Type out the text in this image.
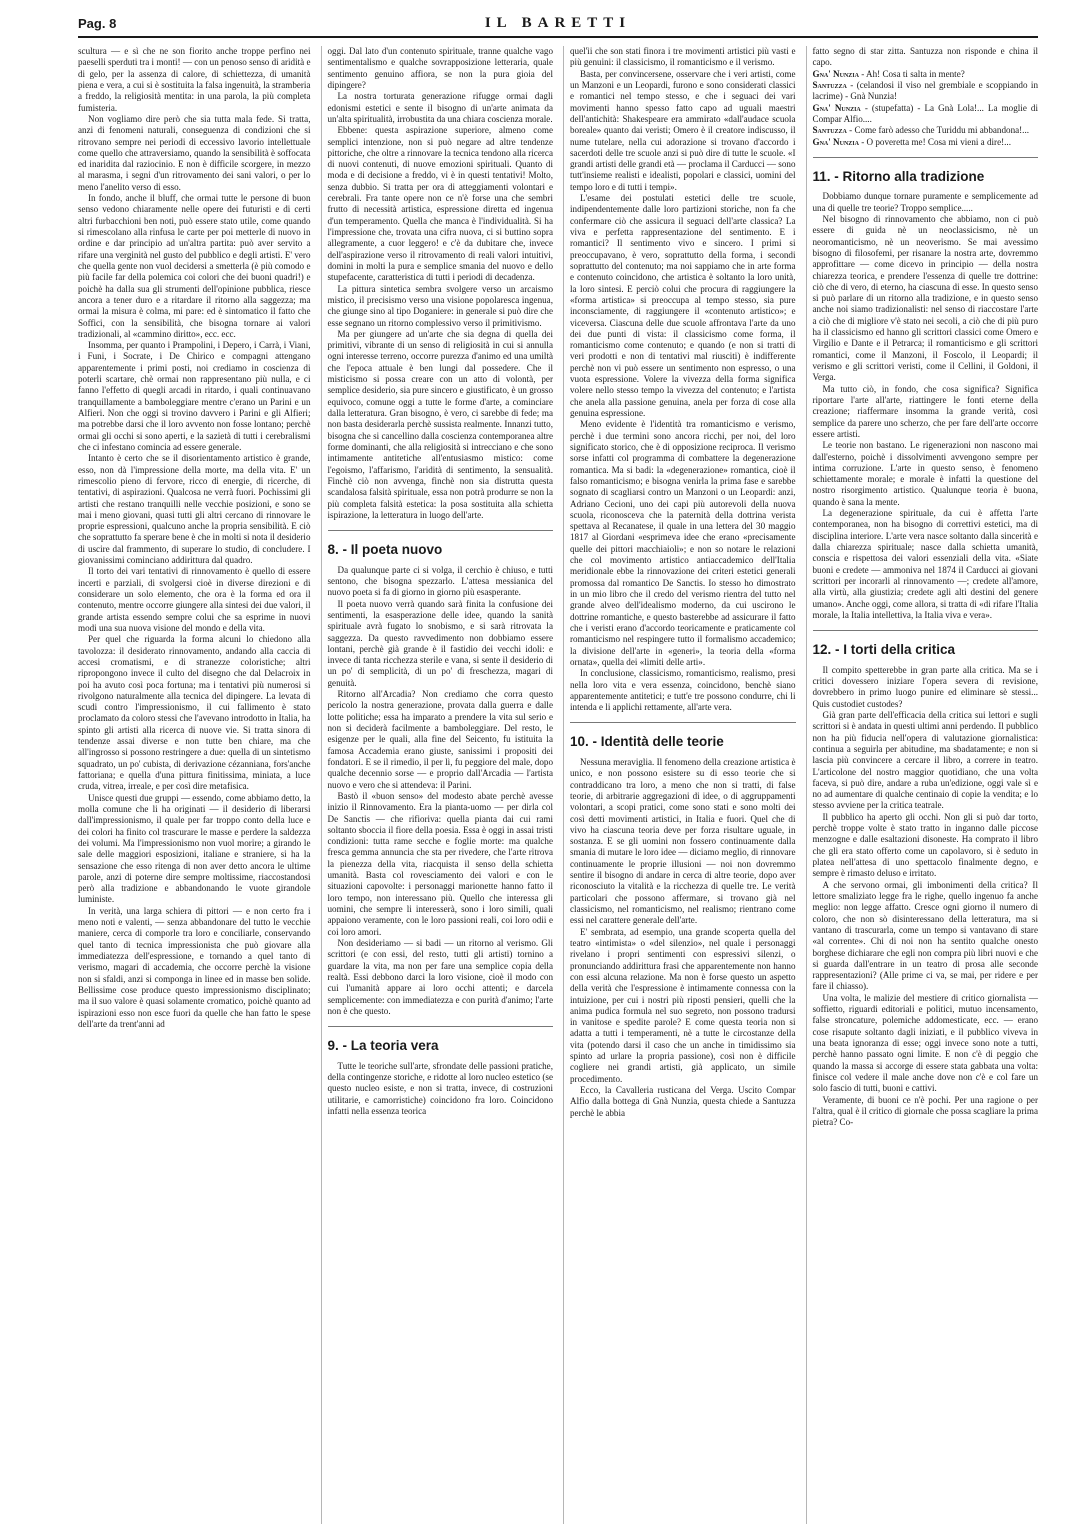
Pag. 8	IL BARETTI

scultura — e sì che ne son fiorito anche troppe perfino nei paeselli sperduti tra i monti! — con un penoso senso di aridità e di gelo, per la assenza di calore, di schiettezza, di umanità piena e vera, a cui si è sostituita la falsa ingenuità, la stramberia a freddo, la religiosità mentita: in una parola, la più completa fumisteria.

Non vogliamo dire però che sia tutta mala fede. Si tratta, anzi di fenomeni naturali, conseguenza di condizioni che si ritrovano sempre nei periodi di eccessivo lavorio intellettuale come quello che attraversiamo, quando la sensibilità è soffocata ed inaridita dal raziocinio. E non è difficile scorgere, in mezzo al marasma, i segni d'un ritrovamento dei sani valori, o per lo meno l'anelito verso di esso.

In fondo, anche il bluff, che ormai tutte le persone di buon senso vedono chiaramente nelle opere dei futuristi e di certi altri furbacchioni ben noti, può essere stato utile, come quando si rimescolano alla rinfusa le carte per poi metterle di nuovo in ordine e dar principio ad un'altra partita: può aver servito a rifare una verginità nel gusto del pubblico e degli artisti. E' vero che quella gente non vuol decidersi a smetterla (è più comodo e più facile far della polemica coi colori che dei buoni quadri!) e poichè ha dalla sua gli strumenti dell'opinione pubblica, riesce ancora a tener duro e a ritardare il ritorno alla saggezza; ma ormai la misura è colma, mi pare: ed è sintomatico il fatto che Soffici, con la sensibilità, che bisogna tornare ai valori tradizionali, al «cammino diritto», ecc. ecc.

Insomma, per quanto i Prampolini, i Depero, i Carrà, i Viani, i Funi, i Socrate, i De Chirico e compagni attengano apparentemente i primi posti, noi crediamo in coscienza di poterli scartare, chè ormai non rappresentano più nulla, e ci fanno l'effetto di quegli arcadi in ritardo, i quali continuavano tranquillamente a bamboleggiare mentre c'erano un Parini e un Alfieri. Non che oggi si trovino davvero i Parini e gli Alfieri; ma potrebbe darsi che il loro avvento non fosse lontano; perchè ormai gli occhi si sono aperti, e la sazietà di tutti i cerebralismi che ci infestano comincia ad essere generale.

Intanto è certo che se il disorientamento artistico è grande, esso, non dà l'impressione della morte, ma della vita. E' un rimescolio pieno di fervore, ricco di energie, di ricerche, di tentativi, di aspirazioni. Qualcosa ne verrà fuori. Pochissimi gli artisti che restano tranquilli nelle vecchie posizioni, e sono se mai i meno giovani, quasi tutti gli altri cercano di rinnovare le proprie espressioni, qualcuno anche la propria sensibilità. E ciò che soprattutto fa sperare bene è che in molti si nota il desiderio di uscire dal frammento, di superare lo studio, di concludere. I giovanissimi cominciano addirittura dal quadro.

Il torto dei vari tentativi di rinnovamento è quello di essere incerti e parziali, di svolgersi cioè in diverse direzioni e di considerare un solo elemento, che ora è la forma ed ora il contenuto, mentre occorre giungere alla sintesi dei due valori, il grande artista essendo sempre colui che sa esprime in nuovi modi una sua nuova visione del mondo e della vita.

Per quel che riguarda la forma alcuni lo chiedono alla tavolozza: il desiderato rinnovamento, andando alla caccia di accesi cromatismi, e di stranezze coloristiche; altri ripropongono invece il culto del disegno che dal Delacroix in poi ha avuto così poca fortuna; ma i tentativi più numerosi si rivolgono naturalmente alla tecnica del dipingere. La levata di scudi contro l'impressionismo, il cui fallimento è stato proclamato da coloro stessi che l'avevano introdotto in Italia, ha spinto gli artisti alla ricerca di nuove vie. Si tratta sinora di tendenze assai diverse e non tutte ben chiare, ma che all'ingrosso si possono restringere a due: quella di un sintetismo squadrato, un po' cubista, di derivazione cézanniana, fors'anche fattoriana; e quella d'una pittura finitissima, miniata, a luce cruda, vitrea, irreale, e per così dire metafisica.

Unisce questi due gruppi — essendo, come abbiamo detto, la molla comune che li ha originati — il desiderio di liberarsi dall'impressionismo, il quale per far troppo conto della luce e dei colori ha finito col trascurare le masse e perdere la saldezza dei volumi. Ma l'impressionismo non vuol morire; a girando le sale delle maggiori esposizioni, italiane e straniere, si ha la sensazione che esso ritenga di non aver detto ancora le ultime parole, anzi di poterne dire sempre moltissime, riaccostandosi però alla tradizione e abbandonando le vuote girandole luministe.

In verità, una larga schiera di pittori — e non certo fra i meno noti e valenti, — senza abbandonare del tutto le vecchie maniere, cerca di comporle tra loro e conciliarle, conservando quel tanto di tecnica impressionista che può giovare alla immediatezza dell'espressione, e tornando a quel tanto di verismo, magari di accademia, che occorre perchè la visione non si sfaldi, anzi si componga in linee ed in masse ben solide. Bellissime cose produce questo impressionismo disciplinato; ma il suo valore è quasi solamente cromatico, poichè quanto ad ispirazioni esso non esce fuori da quelle che han fatto le spese dell'arte da trent'anni ad

oggi. Dal lato d'un contenuto spirituale, tranne qualche vago sentimentalismo e qualche sovrapposizione letteraria, quale sentimento genuino affiora, se non la pura gioia del dipingere?

La nostra torturata generazione rifugge ormai dagli edonismi estetici e sente il bisogno di un'arte animata da un'alta spiritualità, irrobustita da una chiara coscienza morale.

Ebbene: questa aspirazione superiore, almeno come semplici intenzione, non si può negare ad altre tendenze pittoriche, che oltre a rinnovare la tecnica tendono alla ricerca di nuovi contenuti, di nuove emozioni spirituali. Quanto di moda e di decisione a freddo, vi è in questi tentativi! Molto, senza dubbio. Si tratta per ora di atteggiamenti volontari e cerebrali. Fra tante opere non ce n'è forse una che sembri frutto di necessità artistica, espressione diretta ed ingenua d'un temperamento. Quella che manca è l'individualità. Si ha l'impressione che, trovata una cifra nuova, ci si buttino sopra allegramente, a cuor leggero! e c'è da dubitare che, invece dell'aspirazione verso il ritrovamento di reali valori intuitivi, domini in molti la pura e semplice smania del nuovo e dello stupefacente, caratteristica di tutti i periodi di decadenza.

La pittura sintetica sembra svolgere verso un arcaismo mistico, il precisismo verso una visione popolaresca ingenua, che giunge sino al tipo Doganiere: in generale si può dire che esse segnano un ritorno complessivo verso il primitivismo.

Ma per giungere ad un'arte che sia degna di quella dei primitivi, vibrante di un senso di religiosità in cui si annulla ogni interesse terreno, occorre purezza d'animo ed una umiltà che l'epoca attuale è ben lungi dal possedere. Che il misticismo si possa creare con un atto di volontà, per semplice desiderio, sia pure sincero e giustificato, è un grosso equivoco, comune oggi a tutte le forme d'arte, a cominciare dalla letteratura. Gran bisogno, è vero, ci sarebbe di fede; ma non basta desiderarla perchè sussista realmente. Innanzi tutto, bisogna che si cancellino dalla coscienza contemporanea altre forme dominanti, che alla religiosità si intrecciano e che sono intimamente antitetiche all'entusiasmo mistico: come l'egoismo, l'affarismo, l'aridità di sentimento, la sensualità. Finchè ciò non avvenga, finchè non sia distrutta questa scandalosa falsità spirituale, essa non potrà produrre se non la più completa falsità estetica: la posa sostituita alla schietta ispirazione, la letteratura in luogo dell'arte.

8. - Il poeta nuovo

Da qualunque parte ci si volga, il cerchio è chiuso, e tutti sentono, che bisogna spezzarlo. L'attesa messianica del nuovo poeta si fa di giorno in giorno più esasperante.

Il poeta nuovo verrà quando sarà finita la confusione dei sentimenti, la esasperazione delle idee, quando la sanità spirituale avrà fugato lo snobismo, e si sarà ritrovata la saggezza. Da questo ravvedimento non dobbiamo essere lontani, perchè già grande è il fastidio dei vecchi idoli: e invece di tanta ricchezza sterile e vana, si sente il desiderio di un po' di semplicità, di un po' di freschezza, magari di genuità.

Ritorno all'Arcadia? Non crediamo che corra questo pericolo la nostra generazione, provata dalla guerra e dalle lotte politiche; essa ha imparato a prendere la vita sul serio e non si deciderà facilmente a bamboleggiare. Del resto, le esigenze per le quali, alla fine del Seicento, fu istituita la famosa Accademia erano giuste, sanissimi i propositi dei fondatori. E se il rimedio, il per lì, fu peggiore del male, dopo qualche decennio sorse — e proprio dall'Arcadia — l'artista nuovo e vero che si attendeva: il Parini.

Bastò il «buon senso» del modesto abate perchè avesse inizio il Rinnovamento. Era la pianta-uomo — per dirla col De Sanctis — che rifioriva: quella pianta dai cui rami soltanto sboccia il fiore della poesia. Essa è oggi in assai tristi condizioni: tutta rame secche e foglie morte: ma qualche fresca gemma annuncia che sta per rivedere, che l'arte ritrova la pienezza della vita, riacquista il senso della schietta umanità. Basta col rovesciamento dei valori e con le situazioni capovolte: i personaggi marionette hanno fatto il loro tempo, non interessano più. Quello che interessa gli uomini, che sempre li interesserà, sono i loro simili, quali appaiono veramente, con le loro passioni reali, coi loro odii e coi loro amori.

Non desideriamo — si badi — un ritorno al verismo. Gli scrittori (e con essi, del resto, tutti gli artisti) tornino a guardare la vita, ma non per fare una semplice copia della realtà. Essi debbono darci la loro visione, cioè il modo con cui l'umanità appare ai loro occhi attenti; e darcela semplicemente: con immediatezza e con purità d'animo; l'arte non è che questo.

9. - La teoria vera

Tutte le teoriche sull'arte, sfrondate delle passioni pratiche, della contingenze storiche, e ridotte al loro nucleo estetico (se questo nucleo esiste, e non si tratta, invece, di costruzioni utilitarie, e camorristiche) coincidono fra loro. Coincidono infatti nella essenza teorica

quel'ìi che son stati finora i tre movimenti artistici più vasti e più genuini: il classicismo, il romanticismo e il verismo.

Basta, per convincersene, osservare che i veri artisti, come un Manzoni e un Leopardi, furono e sono considerati classici e romantici nel tempo stesso, e che i seguaci dei vari movimenti hanno spesso fatto capo ad uguali maestri dell'antichità: Shakespeare era ammirato «dall'audace scuola boreale» quanto dai veristi; Omero è il creatore indiscusso, il nume tutelare, nella cui adorazione si trovano d'accordo i sacerdoti delle tre scuole anzi si può dire di tutte le scuole. «I grandi artisti delle grandi età — proclama il Carducci — sono tutt'insieme realisti e idealisti, popolari e classici, uomini del tempo loro e di tutti i tempi».

L'esame dei postulati estetici delle tre scuole, indipendentemente dalle loro partizioni storiche, non fa che confermare ciò che assicura il seguaci dell'arte classica? La viva e perfetta rappresentazione del sentimento. E i romantici? Il sentimento vivo e sincero. I primi si preoccupavano, è vero, soprattutto della forma, i secondi soprattutto del contenuto; ma noi sappiamo che in arte forma e contenuto coincidono, che artistica è soltanto la loro unità, la loro sintesi. E perciò colui che procura di raggiungere la «forma artistica» si preoccupa al tempo stesso, sia pure inconsciamente, di raggiungere il «contenuto artistico»; e viceversa. Ciascuna delle due scuole affrontava l'arte da uno dei due punti di vista: il classicismo come forma, il romanticismo come contenuto; e quando (e non si tratti di veri prodotti e non di tentativi mal riusciti) è indifferente perchè non vi può essere un sentimento non espresso, o una vuota espressione. Volere la vivezza della forma significa volere nello stesso tempo la vivezza del contenuto; e l'artista che anela alla passione genuina, anela per forza di cose alla genuina espressione.

Meno evidente è l'identità tra romanticismo e verismo, perchè i due termini sono ancora ricchi, per noi, del loro significato storico, che è di opposizione reciproca. Il verismo sorse infatti col programma di combattere la degenerazione romantica. Ma si badi: la «degenerazione» romantica, cioè il falso romanticismo; e bisogna venirla la prima fase e sarebbe sognato di scagliarsi contro un Manzoni o un Leopardi: anzi, Adriano Cecioni, uno dei capi più autorevoli della nuova scuola, riconosceva che la paternità della dottrina verista spettava al Recanatese, il quale in una lettera del 30 maggio 1817 al Giordani «esprimeva idee che erano «precisamente quelle dei pittori macchiaioli»; e non so notare le relazioni che col movimento artistico antiaccademico dell'Italia meridionale ebbe la rinnovazione dei criteri estetici generali promossa dal romantico De Sanctis. Io stesso ho dimostrato in un mio libro che il credo del verismo rientra del tutto nel grande alveo dell'idealismo moderno, da cui uscirono le dottrine romantiche, e questo basterebbe ad assicurare il fatto che i veristi erano d'accordo teoricamente e praticamente col romanticismo nel respingere tutto il formalismo accademico; la divisione dell'arte in «generi», la teoria della «forma ornata», quella dei «limiti delle arti».

In conclusione, classicismo, romanticismo, realismo, presi nella loro vita e vera essenza, coincidono, benchè siano apparentemente antitetici; e tutt'e tre possono condurre, chi li intenda e li applichi rettamente, all'arte vera.

10. - Identità delle teorie

Nessuna meraviglia. Il fenomeno della creazione artistica è unico, e non possono esistere su di esso teorie che si contraddicano tra loro, a meno che non si tratti, di false teorie, di arbitrarie aggregazioni di idee, o di aggruppamenti volontari, a scopi pratici, come sono stati e sono molti dei così detti movimenti artistici, in Italia e fuori. Quel che di vivo ha ciascuna teoria deve per forza risultare uguale, in sostanza. E se gli uomini non fossero continuamente dalla smania di mutare le loro idee — diciamo meglio, di rinnovare continuamente le proprie illusioni — noi non dovremmo sentire il bisogno di andare in cerca di altre teorie, dopo aver riconosciuto la vitalità e la ricchezza di quelle tre. Le verità particolari che possono affermare, si trovano già nel classicismo, nel romanticismo, nel realismo; rientrano come essi nel carattere generale dell'arte.

E' sembrata, ad esempio, una grande scoperta quella del teatro «intimista» o «del silenzio», nel quale i personaggi rivelano i propri sentimenti con espressivi silenzi, o pronunciando addirittura frasi che apparentemente non hanno con essi alcuna relazione. Ma non è forse questo un aspetto della verità che l'espressione è intimamente connessa con la intuizione, per cui i nostri più riposti pensieri, quelli che la anima pudica formula nel suo segreto, non possono tradursi in vanitose e spedite parole? E come questa teoria non si adatta a tutti i temperamenti, nè a tutte le circostanze della vita (potendo darsi il caso che un anche in timidissimo sia spinto ad urlare la propria passione), così non è difficile cogliere nei grandi artisti, già applicato, un simile procedimento.

Ecco, la Cavalleria rusticana del Verga. Uscito Compar Alfio dalla bottega di Gnà Nunzia, questa chiede a Santuzza perchè le abbia

fatto segno di star zitta. Santuzza non risponde e china il capo.

Gna' Nunzia - Ah! Cosa ti salta in mente?

Santuzza - (celandosi il viso nel grembiale e scoppiando in lacrime) - Gnà Nunzia!

Gna' Nunzia - (stupefatta) - La Gnà Lola!... La moglie di Compar Alfio....

Santuzza - Come farò adesso che Turiddu mi abbandona!...

Gna' Nunzia - O poveretta me! Cosa mi vieni a dire!...

11. - Ritorno alla tradizione

Dobbiamo dunque tornare puramente e semplicemente ad una di quelle tre teorie? Troppo semplice.....

Nel bisogno di rinnovamento che abbiamo, non ci può essere di guida nè un neoclassicismo, nè un neoromanticismo, nè un neoverismo. Se mai avessimo bisogno di filosofemi, per risanare la nostra arte, dovremmo approfittare — come dicevo in principio — della nostra chiarezza teorica, e prendere l'essenza di quelle tre dottrine: ciò che di vero, di eterno, ha ciascuna di esse. In questo senso si può parlare di un ritorno alla tradizione, e in questo senso anche noi siamo tradizionalisti: nel senso di riaccostare l'arte a ciò che di migliore v'è stato nei secoli, a ciò che di più puro ha il classicismo ed hanno gli scrittori classici come Omero e Virgilio e Dante e il Petrarca; il romanticismo e gli scrittori romantici, come il Manzoni, il Foscolo, il Leopardi; il verismo e gli scrittori veristi, come il Cellini, il Goldoni, il Verga.

Ma tutto ciò, in fondo, che cosa significa? Significa riportare l'arte all'arte, riattingere le fonti eterne della creazione; riaffermare insomma la grande verità, così semplice da parere uno scherzo, che per fare dell'arte occorre essere artisti.

Le teorie non bastano. Le rigenerazioni non nascono mai dall'esterno, poichè i dissolvimenti avvengono sempre per intima corruzione. L'arte in questo senso, è fenomeno schiettamente morale; e morale è infatti la questione del nostro risorgimento artistico. Qualunque teoria è buona, quando è sana la mente.

La degenerazione spirituale, da cui è affetta l'arte contemporanea, non ha bisogno di correttivi estetici, ma di disciplina interiore. L'arte vera nasce soltanto dalla sincerità e dalla chiarezza spirituale; nasce dalla schietta umanità, conscia e rispettosa dei valori essenziali della vita. «Siate buoni e credete — ammoniva nel 1874 il Carducci ai giovani scrittori per incorarli al rinnovamento —; credete all'amore, alla virtù, alla giustizia; credete agli alti destini del genere umano». Anche oggi, come allora, si tratta di «di rifare l'Italia morale, la Italia intellettiva, la Italia viva e vera».

12. - I torti della critica

Il compito spetterebbe in gran parte alla critica. Ma se i critici dovessero iniziare l'opera severa di revisione, dovrebbero in primo luogo punire ed eliminare sè stessi... Quis custodiet custodes?

Già gran parte dell'efficacia della critica sui lettori e sugli scrittori si è andata in questi ultimi anni perdendo. Il pubblico non ha più fiducia nell'opera di valutazione giornalistica: continua a seguirla per abitudine, ma sbadatamente; e non si lascia più convincere a cercare il libro, a correre in teatro. L'articolone del nostro maggior quotidiano, che una volta faceva, si può dire, andare a ruba un'edizione, oggi vale sì e no ad aumentare di qualche centinaio di copie la vendita; e lo stesso avviene per la critica teatrale.

Il pubblico ha aperto gli occhi. Non gli si può dar torto, perchè troppe volte è stato tratto in inganno dalle piccose menzogne e dalle esaltazioni disoneste. Ha comprato il libro che gli era stato offerto come un capolavoro, si è seduto in platea nell'attesa di uno spettacolo finalmente degno, e sempre è rimasto deluso e irritato.

A che servono ormai, gli imbonimenti della critica? Il lettore smaliziato legge fra le righe, quello ingenuo fa anche meglio: non legge affatto. Cresce ogni giorno il numero di coloro, che non sò disinteressano della letteratura, ma si vantano di trascurarla, come un tempo si vantavano di stare «al corrente». Chi di noi non ha sentito qualche onesto borghese dichiarare che egli non compra più libri nuovi e che si guarda dall'entrare in un teatro di prosa alle seconde rappresentazioni? (Alle prime ci va, se mai, per ridere e per fare il chiasso).

Una volta, le malizie del mestiere di critico giornalista — soffietto, riguardi editoriali e politici, mutuo incensamento, false stroncature, polemiche addomesticate, ecc. — erano cose risapute soltanto dagli iniziati, e il pubblico viveva in una beata ignoranza di esse; oggi invece sono note a tutti, perchè hanno passato ogni limite. E non c'è di peggio che quando la massa si accorge di essere stata gabbata una volta: finisce col vedere il male anche dove non c'è e col fare un solo fascio di tutti, buoni e cattivi.

Veramente, di buoni ce n'è pochi. Per una ragione o per l'altra, qual è il critico di giornale che possa scagliare la prima pietra? Co-
